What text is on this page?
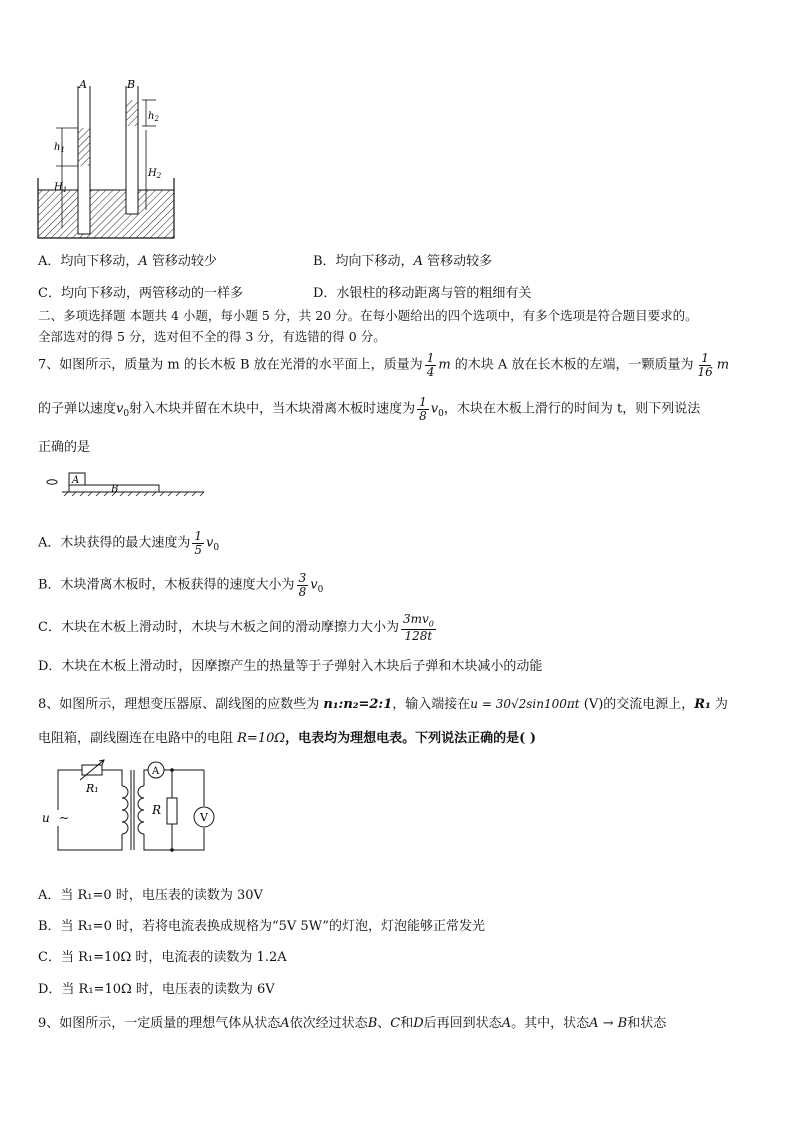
A	B
$h_1$
$H_1$
$h_2$
$H_2$
A．均向下移动，A 管移动较少	B．均向下移动，A 管移动较多
C．均向下移动，两管移动的一样多	D．水银柱的移动距离与管的粗细有关
二、多项选择题 本题共 4 小题，每小题 5 分，共 20 分。在每小题给出的四个选项中，有多个选项是符合题目要求的。
全部选对的得 5 分，选对但不全的得 3 分，有选错的得 0 分。
7、如图所示，质量为 m 的长木板 B 放在光滑的水平面上，质量为 $\frac{1}{4}$ m 的木块 A 放在长木板的左端，一颗质量为 $\frac{1}{16}$ m
的子弹以速度$v_0$射入木块并留在木块中，当木块滑离木板时速度为 $\frac{1}{8} v_0$，木块在木板上滑行的时间为 t，则下列说法
正确的是
A
B
A．木块获得的最大速度为 $\frac{1}{5} v_0$
B．木块滑离木板时，木板获得的速度大小为 $\frac{3}{8} v_0$
C．木块在木板上滑动时，木块与木板之间的滑动摩擦力大小为 $\frac{3mv_0}{128t}$
D．木块在木板上滑动时，因摩擦产生的热量等于子弹射入木块后子弹和木块减小的动能
8、如图所示，理想变压器原、副线图的应数些为 n₁:n₂=2:1，输入端接在u = 30√2sin100πt (V)的交流电源上，R₁ 为
电阻箱，副线圈连在电路中的电阻 R=10Ω，电表均为理想电表。下列说法正确的是( )
R₁
u ~
R
A
V
A．当 R₁=0 时，电压表的读数为 30V
B．当 R₁=0 时，若将电流表换成规格为“5V 5W”的灯泡，灯泡能够正常发光
C．当 R₁=10Ω 时，电流表的读数为 1.2A
D．当 R₁=10Ω 时，电压表的读数为 6V
9、如图所示，一定质量的理想气体从状态A依次经过状态B、C和D后再回到状态A。其中，状态A → B和状态
